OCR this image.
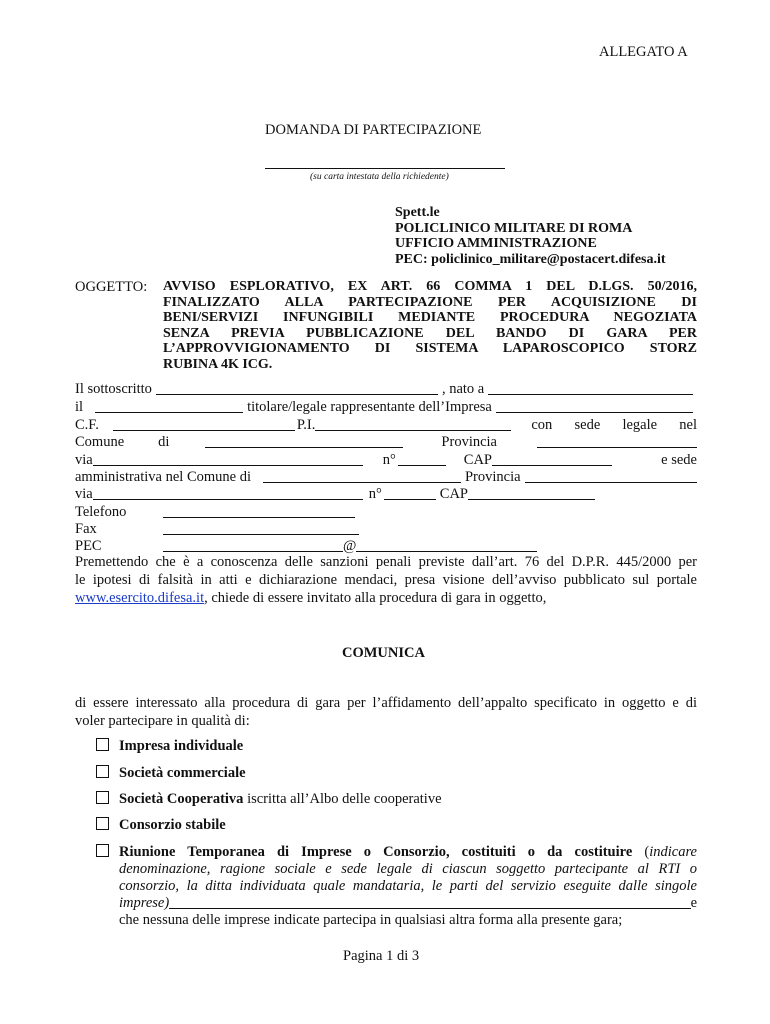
ALLEGATO A
DOMANDA DI PARTECIPAZIONE
(su carta intestata della richiedente)
Spett.le
POLICLINICO MILITARE DI ROMA
UFFICIO AMMINISTRAZIONE
PEC: policlinico_militare@postacert.difesa.it
OGGETTO: AVVISO ESPLORATIVO, EX ART. 66 COMMA 1 DEL D.LGS. 50/2016,
FINALIZZATO ALLA PARTECIPAZIONE PER ACQUISIZIONE DI
BENI/SERVIZI INFUNGIBILI MEDIANTE PROCEDURA NEGOZIATA
SENZA PREVIA PUBBLICAZIONE DEL BANDO DI GARA PER
L’APPROVVIGIONAMENTO DI SISTEMA LAPAROSCOPICO STORZ
RUBINA 4K ICG.
Il sottoscritto	, nato a
il	titolare/legale rappresentante dell’Impresa
C.F.	P.I.	con sede legale nel
Comune di	Provincia
via	n°	CAP	e sede
amministrativa nel Comune di	Provincia
via	n°	CAP
Telefono
Fax
PEC	@
Premettendo che è a conoscenza delle sanzioni penali previste dall’art. 76 del D.P.R. 445/2000 per
le ipotesi di falsità in atti e dichiarazione mendaci, presa visione dell’avviso pubblicato sul portale
www.esercito.difesa.it, chiede di essere invitato alla procedura di gara in oggetto,
COMUNICA
di essere interessato alla procedura di gara per l’affidamento dell’appalto specificato in oggetto e di
voler partecipare in qualità di:
Impresa individuale
Società commerciale
Società Cooperativa iscritta all’Albo delle cooperative
Consorzio stabile
Riunione Temporanea di Imprese o Consorzio, costituiti o da costituire (indicare
denominazione, ragione sociale e sede legale di ciascun soggetto partecipante al RTI o
consorzio, la ditta individuata quale mandataria, le parti del servizio eseguite dalle singole
imprese)	e
che nessuna delle imprese indicate partecipa in qualsiasi altra forma alla presente gara;
Pagina 1 di 3
